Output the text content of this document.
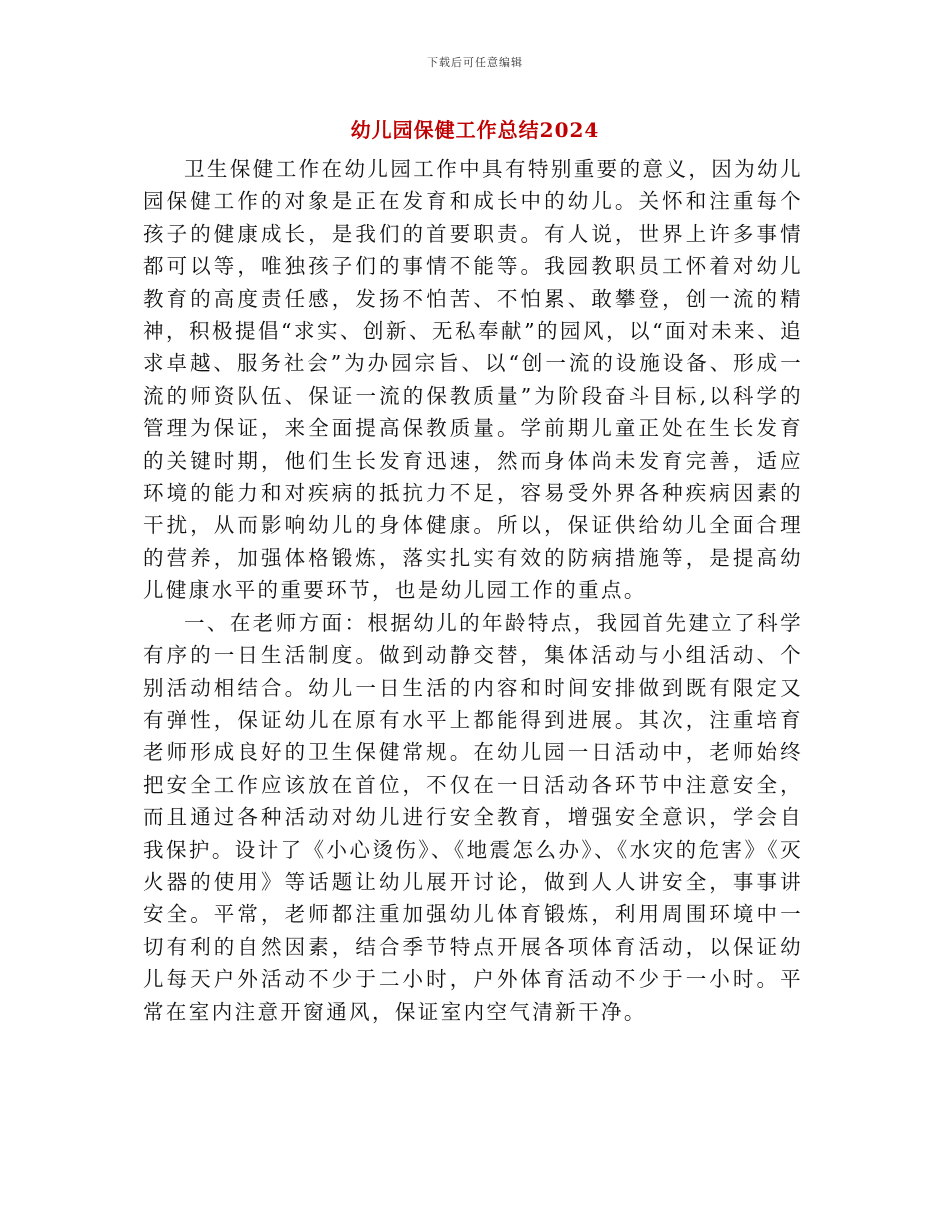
下载后可任意编辑
幼儿园保健工作总结2024

卫生保健工作在幼儿园工作中具有特别重要的意义，因为幼儿园保健工作的对象是正在发育和成长中的幼儿。关怀和注重每个孩子的健康成长，是我们的首要职责。有人说，世界上许多事情都可以等，唯独孩子们的事情不能等。我园教职员工怀着对幼儿教育的高度责任感，发扬不怕苦、不怕累、敢攀登，创一流的精神，积极提倡“求实、创新、无私奉献”的园风，以“面对未来、追求卓越、服务社会”为办园宗旨、以“创一流的设施设备、形成一流的师资队伍、保证一流的保教质量”为阶段奋斗目标,以科学的管理为保证，来全面提高保教质量。学前期儿童正处在生长发育的关键时期，他们生长发育迅速，然而身体尚未发育完善，适应环境的能力和对疾病的抵抗力不足，容易受外界各种疾病因素的干扰，从而影响幼儿的身体健康。所以，保证供给幼儿全面合理的营养，加强体格锻炼，落实扎实有效的防病措施等，是提高幼儿健康水平的重要环节，也是幼儿园工作的重点。

一、在老师方面：根据幼儿的年龄特点，我园首先建立了科学有序的一日生活制度。做到动静交替，集体活动与小组活动、个别活动相结合。幼儿一日生活的内容和时间安排做到既有限定又有弹性，保证幼儿在原有水平上都能得到进展。其次，注重培育老师形成良好的卫生保健常规。在幼儿园一日活动中，老师始终把安全工作应该放在首位，不仅在一日活动各环节中注意安全，而且通过各种活动对幼儿进行安全教育，增强安全意识，学会自我保护。设计了《小心烫伤》、《地震怎么办》、《水灾的危害》《灭火器的使用》等话题让幼儿展开讨论，做到人人讲安全，事事讲安全。平常，老师都注重加强幼儿体育锻炼，利用周围环境中一切有利的自然因素，结合季节特点开展各项体育活动，以保证幼儿每天户外活动不少于二小时，户外体育活动不少于一小时。平常在室内注意开窗通风，保证室内空气清新干净。
